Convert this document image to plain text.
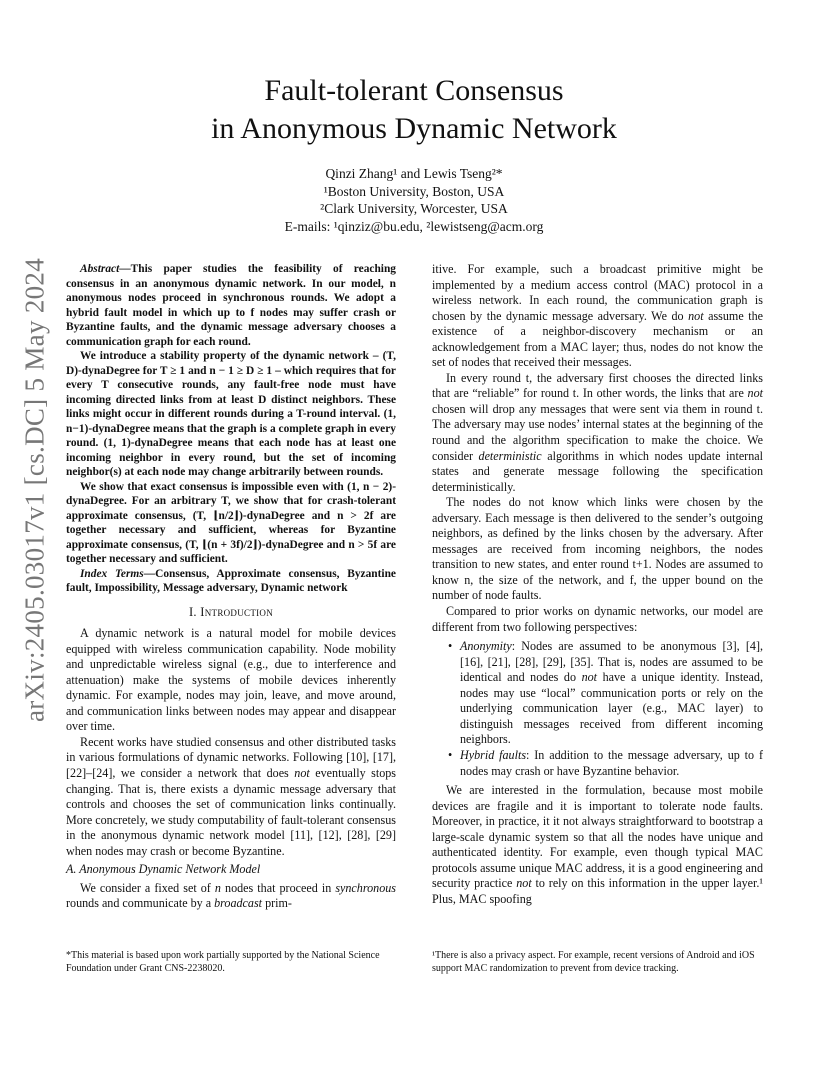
arXiv:2405.03017v1 [cs.DC] 5 May 2024
Fault-tolerant Consensus
in Anonymous Dynamic Network
Qinzi Zhang¹ and Lewis Tseng²*
¹Boston University, Boston, USA
²Clark University, Worcester, USA
E-mails: ¹qinziz@bu.edu, ²lewistseng@acm.org

Abstract—This paper studies the feasibility of reaching consensus in an anonymous dynamic network. In our model, n anonymous nodes proceed in synchronous rounds. We adopt a hybrid fault model in which up to f nodes may suffer crash or Byzantine faults, and the dynamic message adversary chooses a communication graph for each round.

We introduce a stability property of the dynamic network – (T, D)-dynaDegree for T ≥ 1 and n − 1 ≥ D ≥ 1 – which requires that for every T consecutive rounds, any fault-free node must have incoming directed links from at least D distinct neighbors. These links might occur in different rounds during a T-round interval. (1, n−1)-dynaDegree means that the graph is a complete graph in every round. (1, 1)-dynaDegree means that each node has at least one incoming neighbor in every round, but the set of incoming neighbor(s) at each node may change arbitrarily between rounds.

We show that exact consensus is impossible even with (1, n − 2)-dynaDegree. For an arbitrary T, we show that for crash-tolerant approximate consensus, (T, ⌊n/2⌋)-dynaDegree and n > 2f are together necessary and sufficient, whereas for Byzantine approximate consensus, (T, ⌊(n + 3f)/2⌋)-dynaDegree and n > 5f are together necessary and sufficient.

Index Terms—Consensus, Approximate consensus, Byzantine fault, Impossibility, Message adversary, Dynamic network

I. Introduction

A dynamic network is a natural model for mobile devices equipped with wireless communication capability. Node mobility and unpredictable wireless signal (e.g., due to interference and attenuation) make the systems of mobile devices inherently dynamic. For example, nodes may join, leave, and move around, and communication links between nodes may appear and disappear over time.

Recent works have studied consensus and other distributed tasks in various formulations of dynamic networks. Following [10], [17], [22]–[24], we consider a network that does not eventually stops changing. That is, there exists a dynamic message adversary that controls and chooses the set of communication links continually. More concretely, we study computability of fault-tolerant consensus in the anonymous dynamic network model [11], [12], [28], [29] when nodes may crash or become Byzantine.

A. Anonymous Dynamic Network Model

We consider a fixed set of n nodes that proceed in synchronous rounds and communicate by a broadcast prim-

itive. For example, such a broadcast primitive might be implemented by a medium access control (MAC) protocol in a wireless network. In each round, the communication graph is chosen by the dynamic message adversary. We do not assume the existence of a neighbor-discovery mechanism or an acknowledgement from a MAC layer; thus, nodes do not know the set of nodes that received their messages.

In every round t, the adversary first chooses the directed links that are “reliable” for round t. In other words, the links that are not chosen will drop any messages that were sent via them in round t. The adversary may use nodes’ internal states at the beginning of the round and the algorithm specification to make the choice. We consider deterministic algorithms in which nodes update internal states and generate message following the specification deterministically.

The nodes do not know which links were chosen by the adversary. Each message is then delivered to the sender’s outgoing neighbors, as defined by the links chosen by the adversary. After messages are received from incoming neighbors, the nodes transition to new states, and enter round t+1. Nodes are assumed to know n, the size of the network, and f, the upper bound on the number of node faults.

Compared to prior works on dynamic networks, our model are different from two following perspectives:

• Anonymity: Nodes are assumed to be anonymous [3], [4], [16], [21], [28], [29], [35]. That is, nodes are assumed to be identical and nodes do not have a unique identity. Instead, nodes may use “local” communication ports or rely on the underlying communication layer (e.g., MAC layer) to distinguish messages received from different incoming neighbors.
• Hybrid faults: In addition to the message adversary, up to f nodes may crash or have Byzantine behavior.

We are interested in the formulation, because most mobile devices are fragile and it is important to tolerate node faults. Moreover, in practice, it it not always straightforward to bootstrap a large-scale dynamic system so that all the nodes have unique and authenticated identity. For example, even though typical MAC protocols assume unique MAC address, it is a good engineering and security practice not to rely on this information in the upper layer.¹ Plus, MAC spoofing

*This material is based upon work partially supported by the National Science Foundation under Grant CNS-2238020.
¹There is also a privacy aspect. For example, recent versions of Android and iOS support MAC randomization to prevent from device tracking.
